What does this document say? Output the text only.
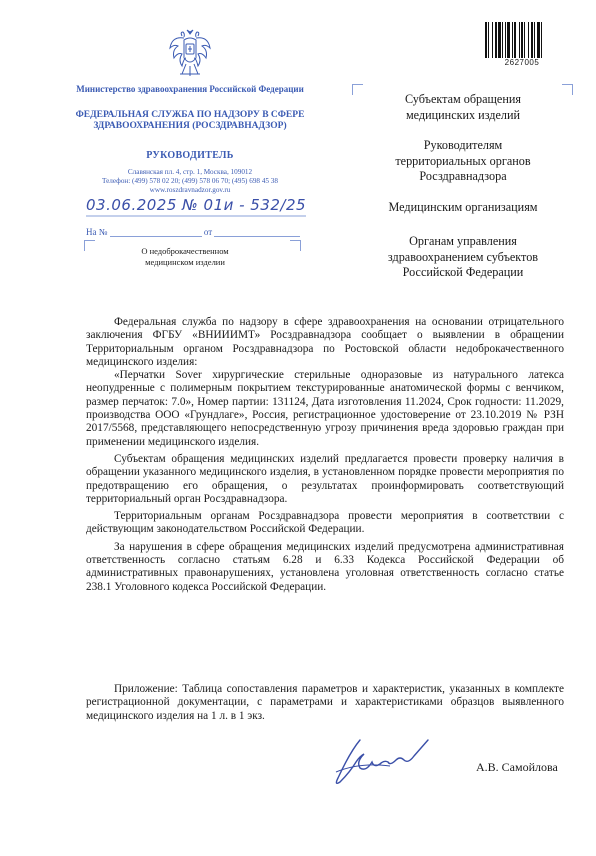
Министерство здравоохранения Российской Федерации
ФЕДЕРАЛЬНАЯ СЛУЖБА ПО НАДЗОРУ В СФЕРЕ ЗДРАВООХРАНЕНИЯ (РОСЗДРАВНАДЗОР)
РУКОВОДИТЕЛЬ
Славянская пл. 4, стр. 1, Москва, 109012
Телефон: (499) 578 02 20; (499) 578 06 70; (495) 698 45 38
www.roszdravnadzor.gov.ru
03.06.2025 № 01и - 532/25
На №	от
О недоброкачественном
медицинском изделии
2627005
Субъектам обращения
медицинских изделий
Руководителям
территориальных органов
Росздравнадзора
Медицинским организациям
Органам управления
здравоохранением субъектов
Российской Федерации

Федеральная служба по надзору в сфере здравоохранения на основании отрицательного заключения ФГБУ «ВНИИИМТ» Росздравнадзора сообщает о выявлении в обращении Территориальным органом Росздравнадзора по Ростовской области недоброкачественного медицинского изделия:

«Перчатки Sover хирургические стерильные одноразовые из натурального латекса неопудренные с полимерным покрытием текстурированные анатомической формы с венчиком, размер перчаток: 7.0», Номер партии: 131124, Дата изготовления 11.2024, Срок годности: 11.2029, производства ООО «Грундлаге», Россия, регистрационное удостоверение от 23.10.2019 № РЗН 2017/5568, представляющего непосредственную угрозу причинения вреда здоровью граждан при применении медицинского изделия.

Субъектам обращения медицинских изделий предлагается провести проверку наличия в обращении указанного медицинского изделия, в установленном порядке провести мероприятия по предотвращению его обращения, о результатах проинформировать соответствующий территориальный орган Росздравнадзора.

Территориальным органам Росздравнадзора провести мероприятия в соответствии с действующим законодательством Российской Федерации.

За нарушения в сфере обращения медицинских изделий предусмотрена административная ответственность согласно статьям 6.28 и 6.33 Кодекса Российской Федерации об административных правонарушениях, установлена уголовная ответственность согласно статье 238.1 Уголовного кодекса Российской Федерации.

Приложение: Таблица сопоставления параметров и характеристик, указанных в комплекте регистрационной документации, с параметрами и характеристиками образцов выявленного медицинского изделия на 1 л. в 1 экз.
А.В. Самойлова
